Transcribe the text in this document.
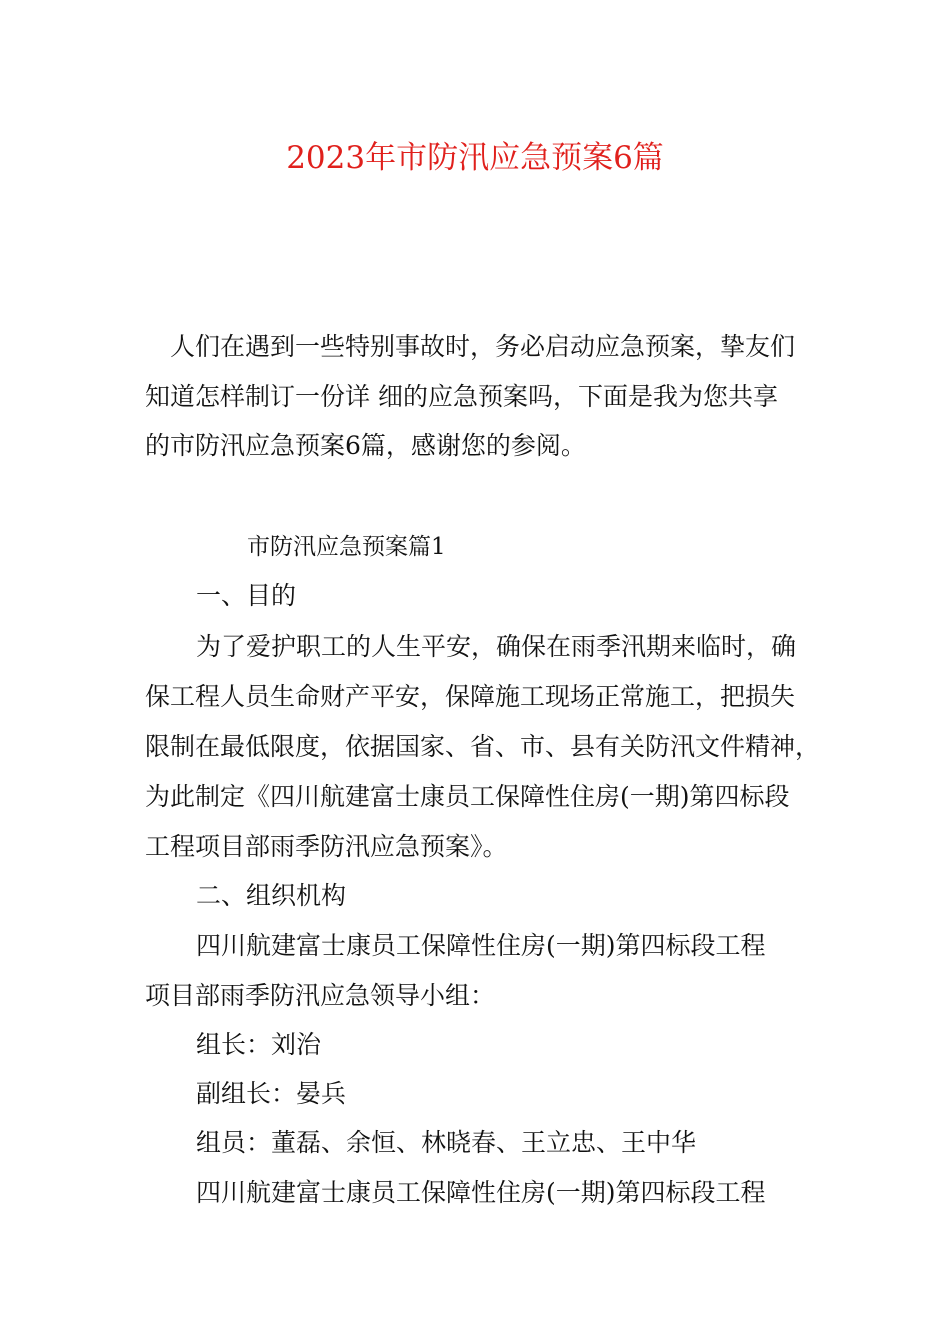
2023年市防汛应急预案6篇
人们在遇到一些特别事故时，务必启动应急预案，挚友们
知道怎样制订一份详 细的应急预案吗，下面是我为您共享
的市防汛应急预案6篇，感谢您的参阅。
市防汛应急预案篇1
一、目的
为了爱护职工的人生平安，确保在雨季汛期来临时，确
保工程人员生命财产平安，保障施工现场正常施工，把损失
限制在最低限度，依据国家、省、市、县有关防汛文件精神，
为此制定《四川航建富士康员工保障性住房(一期)第四标段
工程项目部雨季防汛应急预案》。
二、组织机构
四川航建富士康员工保障性住房(一期)第四标段工程
项目部雨季防汛应急领导小组：
组长：刘治
副组长：晏兵
组员：董磊、余恒、林晓春、王立忠、王中华
四川航建富士康员工保障性住房(一期)第四标段工程
